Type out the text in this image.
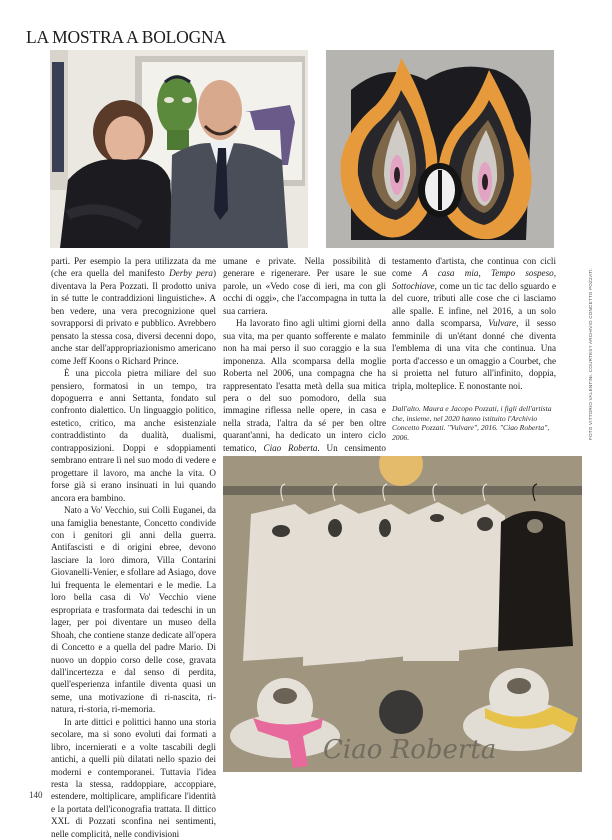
LA MOSTRA A BOLOGNA

parti. Per esempio la pera utilizzata da me (che era quella del manifesto Derby pera) diventava la Pera Pozzati. Il prodotto univa in sé tutte le contraddizioni linguistiche». A ben vedere, una vera precognizione quel sovrapporsi di privato e pubblico. Avrebbero pensato la stessa cosa, diversi decenni dopo, anche star dell'appropriazionismo americano come Jeff Koons o Richard Prince.

È una piccola pietra miliare del suo pensiero, formatosi in un tempo, tra dopoguerra e anni Settanta, fondato sul confronto dialettico. Un linguaggio politico, estetico, critico, ma anche esistenziale contraddistinto da dualità, dualismi, contrapposizioni. Doppi e sdoppiamenti sembrano entrare lì nel suo modo di vedere e progettare il lavoro, ma anche la vita. O forse già si erano insinuati in lui quando ancora era bambino.

Nato a Vo' Vecchio, sui Colli Euganei, da una famiglia benestante, Concetto condivide con i genitori gli anni della guerra. Antifascisti e di origini ebree, devono lasciare la loro dimora, Villa Contarini Giovanelli-Venier, e sfollare ad Asiago, dove lui frequenta le elementari e le medie. La loro bella casa di Vo' Vecchio viene espropriata e trasformata dai tedeschi in un lager, per poi diventare un museo della Shoah, che contiene stanze dedicate all'opera di Concetto e a quella del padre Mario. Di nuovo un doppio corso delle cose, gravata dall'incertezza e dal senso di perdita, quell'esperienza infantile diventa quasi un seme, una motivazione di ri-nascita, ri-natura, ri-storia, ri-memoria.

In arte dittici e polittici hanno una storia secolare, ma si sono evoluti dai formati a libro, incernierati e a volte tascabili degli antichi, a quelli più dilatati nello spazio dei moderni e contemporanei. Tuttavia l'idea resta la stessa, raddoppiare, accoppiare, estendere, moltiplicare, amplificare l'identità e la portata dell'iconografia trattata. Il dittico XXL di Pozzati sconfina nei sentimenti, nelle complicità, nelle condivisioni

umane e private. Nella possibilità di generare e rigenerare. Per usare le sue parole, un «Vedo cose di ieri, ma con gli occhi di oggi», che l'accompagna in tutta la sua carriera.

Ha lavorato fino agli ultimi giorni della sua vita, ma per quanto sofferente e malato non ha mai perso il suo coraggio e la sua imponenza. Alla scomparsa della moglie Roberta nel 2006, una compagna che ha rappresentato l'esatta metà della sua mitica pera o del suo pomodoro, della sua immagine riflessa nelle opere, in casa e nella strada, l'altra da sé per ben oltre quarant'anni, ha dedicato un intero ciclo tematico, Ciao Roberta. Un censimento

testamento d'artista, che continua con cicli come A casa mia, Tempo sospeso, Sottochiave, come un tic tac dello sguardo e del cuore, tributi alle cose che ci lasciamo alle spalle. E infine, nel 2016, a un solo anno dalla scomparsa, Vulvare, il sesso femminile di un'étant donné che diventa l'emblema di una vita che continua. Una porta d'accesso e un omaggio a Courbet, che si proietta nel futuro all'infinito, doppia, tripla, molteplice. E nonostante noi.

Dall'alto. Maura e Jacopo Pozzati, i figli dell'artista che, insieme, nel 2020 hanno istituito l'Archivio Concetto Pozzati. "Vulvare", 2016. "Ciao Roberta", 2006.	FOTO VITTORIO VALENTINI. COURTESY ARCHIVIO CONCETTO POZZATI.
Ciao Roberta
140
